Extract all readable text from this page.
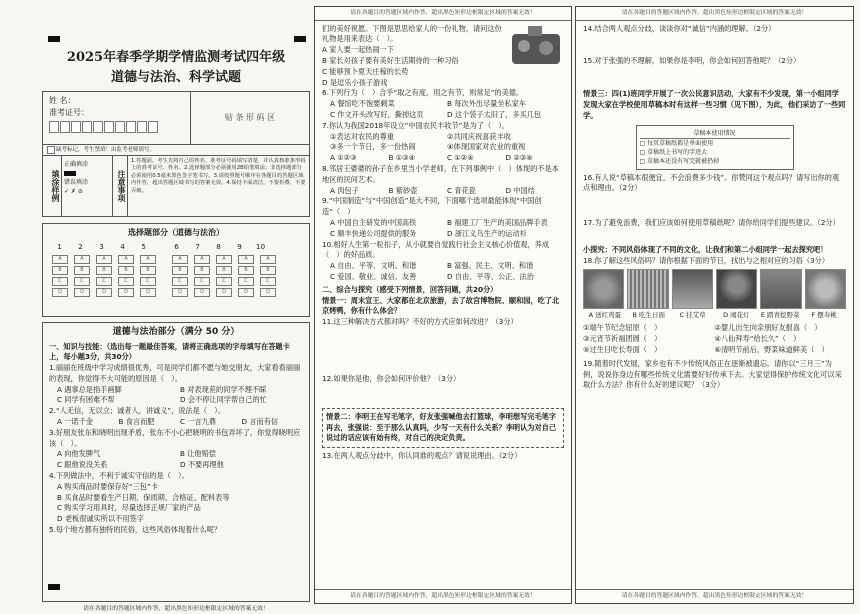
2025年春季学期学情监测考试四年级
道德与法治、科学试题
姓 名：
准考证号：
贴 条 形 码 区
缺考标记，考生禁填！由监考老师填写。
填涂样例
正确填涂
错误填涂
✓ ✗ ⊘	注意事项
1.答题前，考生先将自己的姓名、准考证号码填写清楚，并认真核准条形码上的准考证号、姓名。2.选择题部分必须使用2B铅笔填涂；非选择题部分必须使用0.5毫米黑色签字笔书写。3.请按照题号顺序在各题目的答题区域内作答，超出答题区域书写的答案无效。4.保持卡面清洁，不要折叠、不要弄破。
选择题部分（道德与法治）
1	2	3	4	5	6	7	8	9	10
A	A	A	A	A	A	A	A	A	A
B	B	B	B	B	B	B	B	B	B
C	C	C	C	C	C	C	C	C	C
D	D	D	D	D	D	D	D	D	D
道德与法治部分（满分 50 分）
一、知识与技能：（选出每一题最佳答案，请将正确选项的字母填写在答题卡上，每小题3分，共30分）

1.丽丽在班级中学习成绩很优秀，可是同学们都不愿与她交朋友，大家看看丽丽的表现，你觉得不大可能的原因是（　）。

A 遇事总是指手画脚	B 对表现差的同学不理不睬
C 同学有困难不帮	D 会不停让同学帮自己的忙

2.“人无信，无以立；诚者人，讲诚义”，说法是（　）。

A 一诺千金	B 食言而肥	C 一言九鼎	D 言而有信

3.好朋友张东和晓明出现矛盾，张东不小心把晓明的书包弄坏了，你觉得晓明应该（　）。

A 向他发脾气	B 让他赔偿
C 跟他说没关系	D 不要再理他

4.下列做法中，不利于诚实守信的是（　）。

A 购买商品时要保存好“三包”卡
B 买食品时要看生产日期、保质期、合格证、配料表等
C 购买学习用具时，尽量选择正规厂家的产品
D 老板很诚实所以不用签字

5.每个地方都有独特的民俗，这些风俗体现着什么呢？

请在各题目的答题区域内作答，超出黑色矩形边框限定区域的答案无效！
请在各题目的答题区域内作答，超出黑色矩形边框限定区域的答案无效！

们的美好祝愿。下图是思思给家人的一份礼物，请问这份礼物是用来表达（　）。

A 家人要一起热闹一下
B 家长对孩子要有美好生活期待的一种习俗
C 能够预卜夏天庄稼的长势
D 是逗乐小孩子游戏

6.下列行为（　）合乎“取之有度，用之有节，则常足”的美德。

A 餐馆吃不饱要剩菜	B 每次外出尽量坐私家车
C 作文开头改写好，撕掉这页	D 这个袋子太旧了，多买几包

7.你认为我国2018年设立“中国农民丰收节”是为了（　）。

①表达对农民的尊重	②共同庆祝喜获丰收
③多一个节日，多一份热闹	④体现国家对农业的重视
A ①②③	B ①③④	C ①②④	D ②③④

8.邻居王婆婆的孙子在乡里当小学老师，在下列事例中（　）体现的不是本地区的民间艺术。

A 肉包子	B 紫砂壶	C 青花瓷	D 中国结

9.“中国制造”与“中国创造”是大不同，下面哪个选项最能体现“中国创造”（　）

A 中国自主研发的中国高铁	B 福建工厂生产的美国品牌手表
C 顺丰快递公司提供的服务	D 浙江义乌生产的运动衫

10.相好人生第一粒扣子，从小就要自觉践行社会主义核心价值观，养成（　）的好品质。

A 自由、平等、文明、和谐	B 富强、民主、文明、和谐
C 爱国、敬业、诚信、友善	D 自由、平等、公正、法治
二、综合与探究（感受下列情景，回答问题，共20分）

情景一：周末宣王、大家都在北京旅游，去了故宫博物院、颐和园，吃了北京烤鸭，你有什么体会？

11.这三种解决方式都对吗？不好的方式应如何改进？（3分）

12.如果你是他，你会如何评价他？（3分）

情景二：李明王在写毛笔字，好友张强喊他去打篮球，李明想写完毛笔字再去，张强说：至于那么认真吗，少写一天有什么关系？李明认为对自己说过的话应该有始有终，对自己的决定负责。

13.在两人观点分歧中，你认同谁的观点？请说说理由。（2分）

请在各题目的答题区域内作答，超出黑色矩形边框限定区域的答案无效！
请在各题目的答题区域内作答，超出黑色矩形边框限定区域的答案无效！

14.结合两人观点分歧，谈谈你对“诚信”内涵的理解。（2分）

15.对于张强的不理解，如果你是李明，你会如何回答他呢？（2分）

情景三：四(1)班同学开展了一次公民意识活动，大家有不少发现，第一小组同学发现大家在学校使用草稿本时有这样一些习惯（见下图），为此，他们采访了一些同学。

草稿本使用情况
□ 每页草稿纸都是单面使用
□ 草稿纸上书写的字迹大
□ 草稿本还没有写完就被扔掉

16.有人说“草稿本很便宜，不会浪费多少钱”。你赞同这个观点吗？请写出你的观点和理由。（2分）

17.为了避免浪费，我们应该如何使用草稿纸呢？请你给同学们提些建议。（2分）

小探究：不同风俗体现了不同的文化，让我们和第二小组同学一起去探究吧！

18.你了解这些风俗吗？请你根据下面的节日，找出与之相对应的习俗（3分）

A 送红鸡蛋	B 吃生日面	C 挂艾草	D 闹花灯	E 踏青挖野菜	F 摆寿桃
①端午节纪念屈原（　）	②婴儿出生向亲朋好友报喜（　）
③元宵节祈福团圆（　）	④八仙拜寿“给长久”（　）
⑤过生日吃长寿面（　）	⑥清明节前后，野菜味道鲜美（　）

19.随着时代发展，家乡也有不少传统风俗正在逐渐被遗忘。请你以“三月三”为例，说说你身边有哪些传统文化需要好好传承下去。大家觉得保护传统文化可以采取什么方法？你有什么好的建议呢？（3分）

请在各题目的答题区域内作答，超出黑色矩形边框限定区域的答案无效！
